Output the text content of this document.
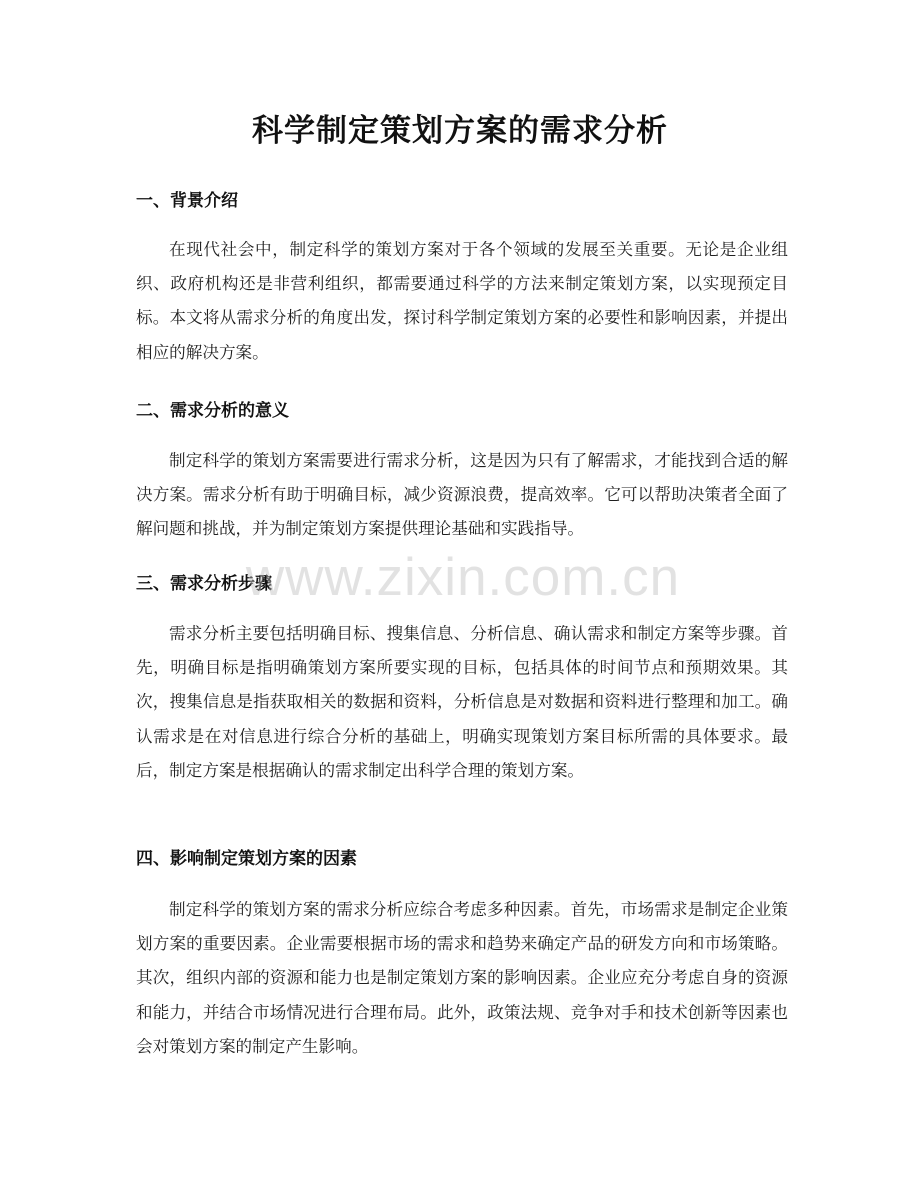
科学制定策划方案的需求分析
一、背景介绍
在现代社会中，制定科学的策划方案对于各个领域的发展至关重要。无论是企业组织、政府机构还是非营利组织，都需要通过科学的方法来制定策划方案，以实现预定目标。本文将从需求分析的角度出发，探讨科学制定策划方案的必要性和影响因素，并提出相应的解决方案。
二、需求分析的意义
制定科学的策划方案需要进行需求分析，这是因为只有了解需求，才能找到合适的解决方案。需求分析有助于明确目标，减少资源浪费，提高效率。它可以帮助决策者全面了解问题和挑战，并为制定策划方案提供理论基础和实践指导。
三、需求分析步骤
需求分析主要包括明确目标、搜集信息、分析信息、确认需求和制定方案等步骤。首先，明确目标是指明确策划方案所要实现的目标，包括具体的时间节点和预期效果。其次，搜集信息是指获取相关的数据和资料，分析信息是对数据和资料进行整理和加工。确认需求是在对信息进行综合分析的基础上，明确实现策划方案目标所需的具体要求。最后，制定方案是根据确认的需求制定出科学合理的策划方案。
四、影响制定策划方案的因素
制定科学的策划方案的需求分析应综合考虑多种因素。首先，市场需求是制定企业策划方案的重要因素。企业需要根据市场的需求和趋势来确定产品的研发方向和市场策略。其次，组织内部的资源和能力也是制定策划方案的影响因素。企业应充分考虑自身的资源和能力，并结合市场情况进行合理布局。此外，政策法规、竞争对手和技术创新等因素也会对策划方案的制定产生影响。
www.zixin.com.cn
